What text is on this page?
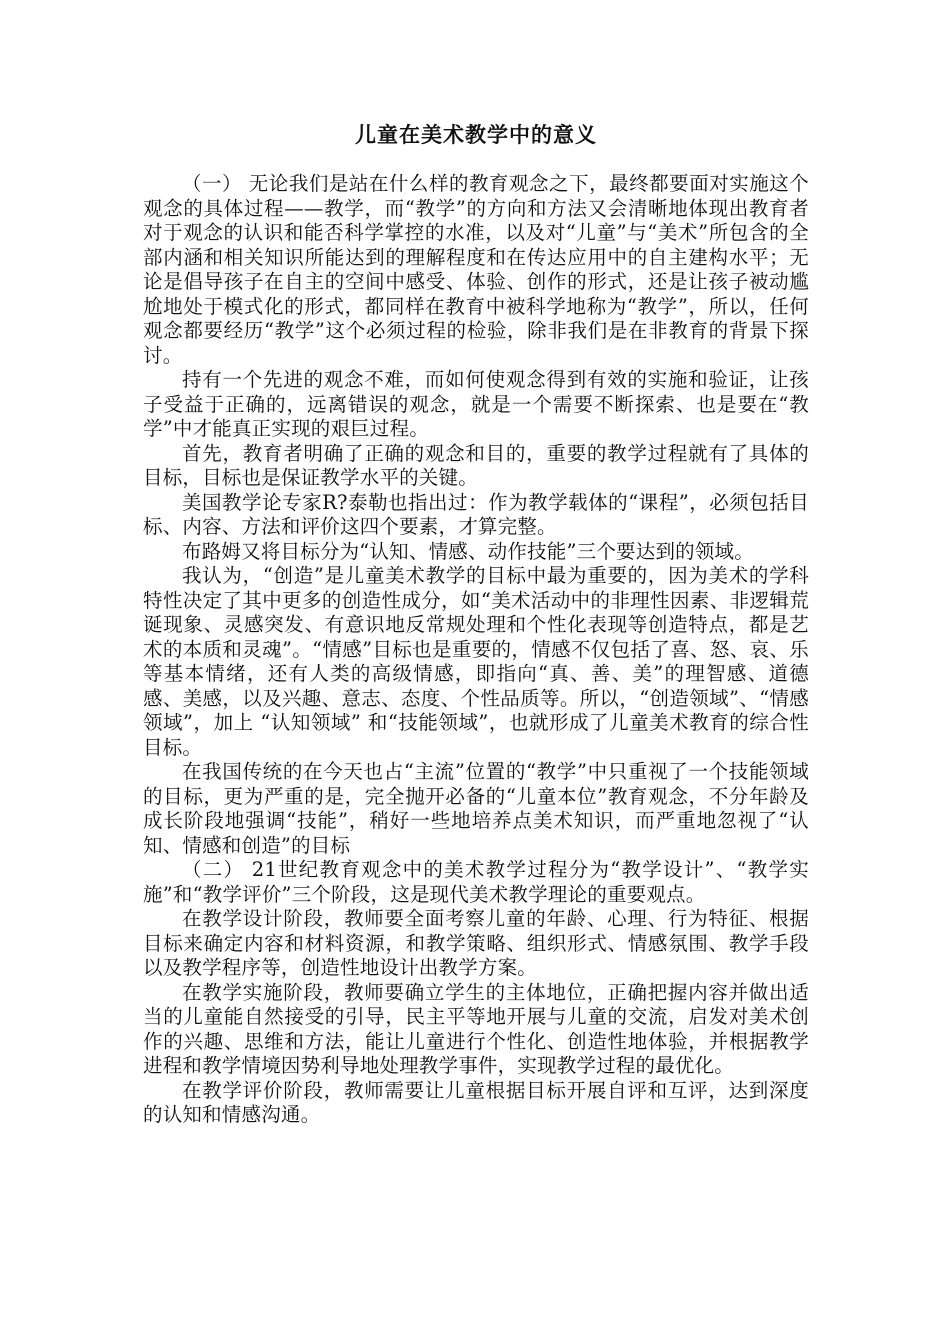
儿童在美术教学中的意义

（一） 无论我们是站在什么样的教育观念之下，最终都要面对实施这个观念的具体过程——教学，而“教学”的方向和方法又会清晰地体现出教育者对于观念的认识和能否科学掌控的水准，以及对“儿童”与“美术”所包含的全部内涵和相关知识所能达到的理解程度和在传达应用中的自主建构水平；无论是倡导孩子在自主的空间中感受、体验、创作的形式，还是让孩子被动尴尬地处于模式化的形式，都同样在教育中被科学地称为“教学”，所以，任何观念都要经历“教学”这个必须过程的检验，除非我们是在非教育的背景下探讨。

持有一个先进的观念不难，而如何使观念得到有效的实施和验证，让孩子受益于正确的，远离错误的观念，就是一个需要不断探索、也是要在“教学”中才能真正实现的艰巨过程。

首先，教育者明确了正确的观念和目的，重要的教学过程就有了具体的目标，目标也是保证教学水平的关键。

美国教学论专家R?泰勒也指出过：作为教学载体的“课程”，必须包括目标、内容、方法和评价这四个要素，才算完整。

布路姆又将目标分为“认知、情感、动作技能”三个要达到的领域。

我认为，“创造”是儿童美术教学的目标中最为重要的，因为美术的学科特性决定了其中更多的创造性成分，如“美术活动中的非理性因素、非逻辑荒诞现象、灵感突发、有意识地反常规处理和个性化表现等创造特点，都是艺术的本质和灵魂”。“情感”目标也是重要的，情感不仅包括了喜、怒、哀、乐等基本情绪，还有人类的高级情感，即指向“真、善、美”的理智感、道德感、美感，以及兴趣、意志、态度、个性品质等。所以，“创造领域”、“情感领域”，加上 “认知领域” 和“技能领域”，也就形成了儿童美术教育的综合性目标。

在我国传统的在今天也占“主流”位置的“教学”中只重视了一个技能领域的目标，更为严重的是，完全抛开必备的“儿童本位”教育观念，不分年龄及成长阶段地强调“技能”，稍好一些地培养点美术知识，而严重地忽视了“认知、情感和创造”的目标

（二） 21世纪教育观念中的美术教学过程分为“教学设计”、“教学实施”和“教学评价”三个阶段，这是现代美术教学理论的重要观点。

在教学设计阶段，教师要全面考察儿童的年龄、心理、行为特征、根据目标来确定内容和材料资源，和教学策略、组织形式、情感氛围、教学手段以及教学程序等，创造性地设计出教学方案。

在教学实施阶段，教师要确立学生的主体地位，正确把握内容并做出适当的儿童能自然接受的引导，民主平等地开展与儿童的交流，启发对美术创作的兴趣、思维和方法，能让儿童进行个性化、创造性地体验，并根据教学进程和教学情境因势利导地处理教学事件，实现教学过程的最优化。

在教学评价阶段，教师需要让儿童根据目标开展自评和互评，达到深度的认知和情感沟通。
